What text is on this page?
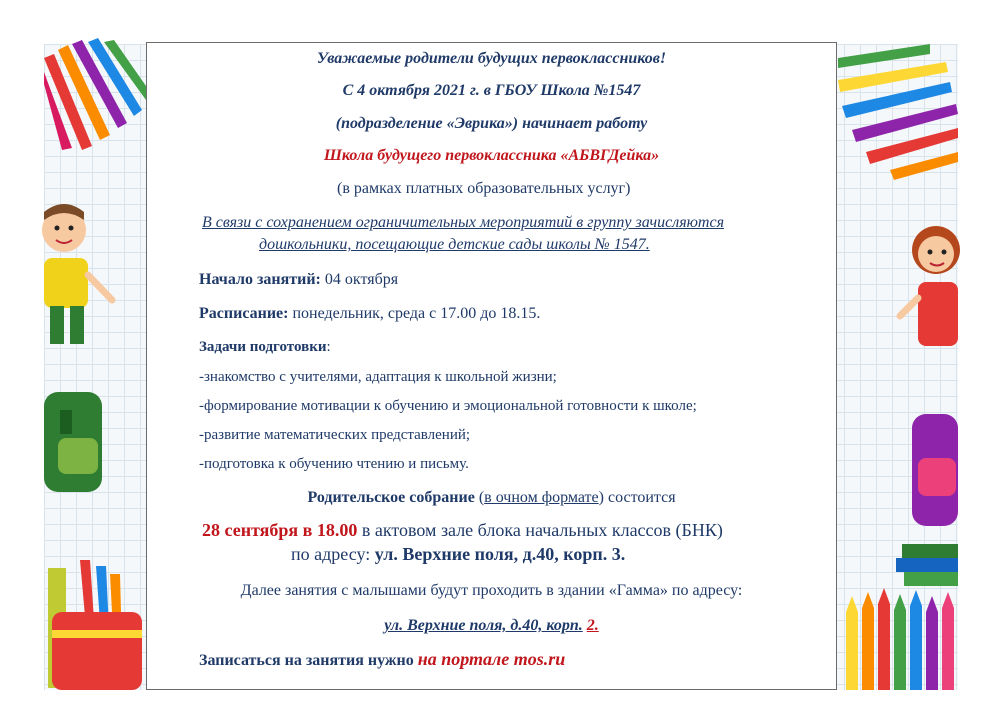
Уважаемые родители будущих первоклассников!
С 4 октября 2021 г. в ГБОУ Школа №1547
(подразделение «Эврика») начинает работу
Школа будущего первоклассника «АБВГДейка»
(в рамках платных образовательных услуг)
В связи с сохранением ограничительных мероприятий в группу зачисляются
дошкольники, посещающие детские сады школы № 1547.
Начало занятий: 04 октября
Расписание: понедельник, среда с 17.00 до 18.15.
Задачи подготовки:
-знакомство с учителями, адаптация к школьной жизни;
-формирование мотивации к обучению и эмоциональной готовности к школе;
-развитие математических представлений;
-подготовка к обучению чтению и письму.
Родительское собрание (в очном формате) состоится
28 сентября в 18.00 в актовом зале блока начальных классов (БНК)
по адресу: ул. Верхние поля, д.40, корп. 3.
Далее занятия с малышами будут проходить в здании «Гамма» по адресу:
ул. Верхние поля, д.40, корп. 2.
Записаться на занятия нужно на портале mos.ru
